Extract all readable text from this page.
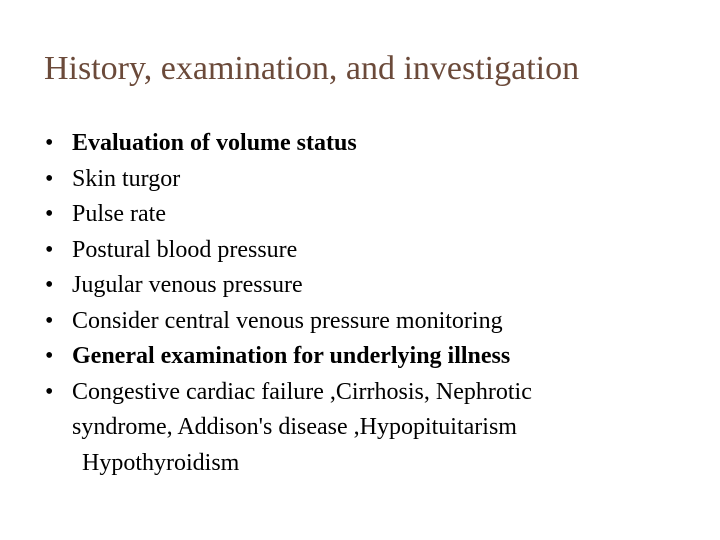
History, examination, and investigation
• Evaluation of volume status
• Skin turgor
• Pulse rate
• Postural blood pressure
• Jugular venous pressure
• Consider central venous pressure monitoring
• General examination for underlying illness
• Congestive cardiac failure ,Cirrhosis, Nephrotic
syndrome, Addison's disease ,Hypopituitarism
Hypothyroidism
